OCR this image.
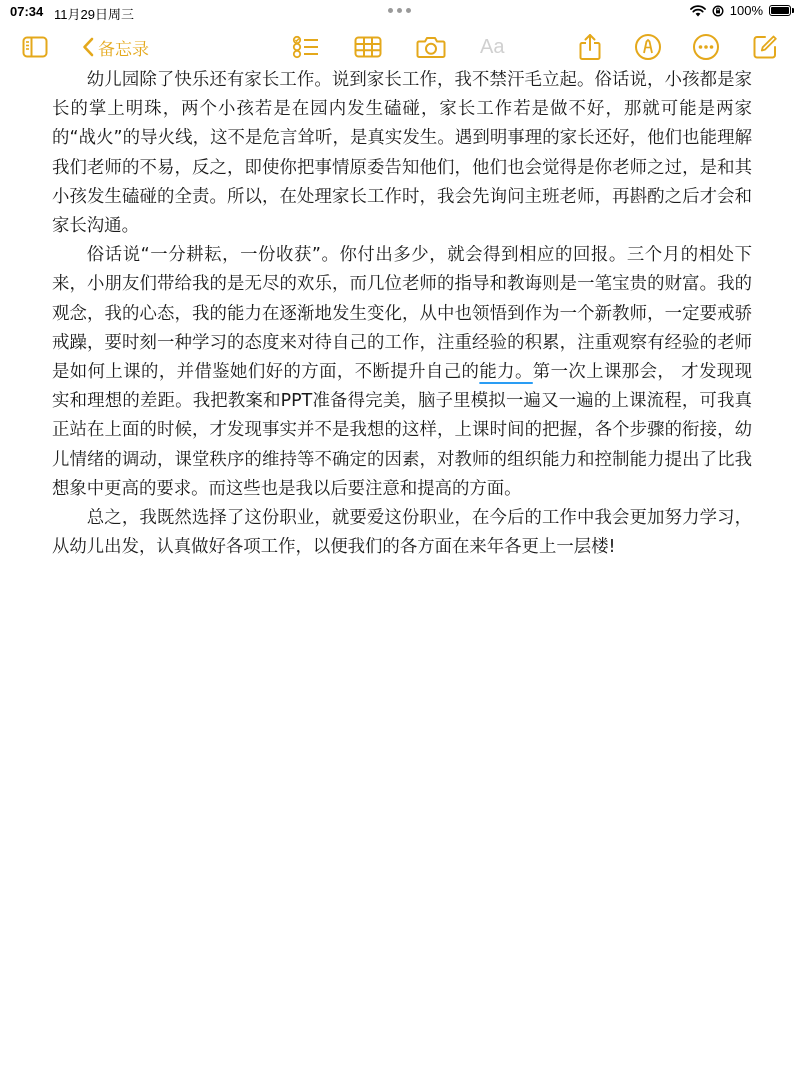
07:34 11月29日周三	100%

备忘录	Aa

幼儿园除了快乐还有家长工作。说到家长工作，我不禁汗毛立起。俗话说，小孩都是家长的掌上明珠，两个小孩若是在园内发生磕碰，家长工作若是做不好，那就可能是两家的“战火”的导火线，这不是危言耸听，是真实发生。遇到明事理的家长还好，他们也能理解我们老师的不易，反之，即使你把事情原委告知他们，他们也会觉得是你老师之过，是和其小孩发生磕碰的全责。所以，在处理家长工作时，我会先询问主班老师，再斟酌之后才会和家长沟通。

俗话说“一分耕耘，一份收获”。你付出多少，就会得到相应的回报。三个月的相处下来，小朋友们带给我的是无尽的欢乐，而几位老师的指导和教诲则是一笔宝贵的财富。我的观念，我的心态，我的能力在逐渐地发生变化，从中也领悟到作为一个新教师，一定要戒骄戒躁，要时刻一种学习的态度来对待自己的工作，注重经验的积累，注重观察有经验的老师是如何上课的，并借鉴她们好的方面，不断提升自己的能力。第一次上课那会， 才发现现实和理想的差距。我把教案和PPT准备得完美，脑子里模拟一遍又一遍的上课流程，可我真正站在上面的时候，才发现事实并不是我想的这样，上课时间的把握，各个步骤的衔接，幼儿情绪的调动，课堂秩序的维持等不确定的因素，对教师的组织能力和控制能力提出了比我想象中更高的要求。而这些也是我以后要注意和提高的方面。

总之，我既然选择了这份职业，就要爱这份职业，在今后的工作中我会更加努力学习，从幼儿出发，认真做好各项工作，以便我们的各方面在来年各更上一层楼!
